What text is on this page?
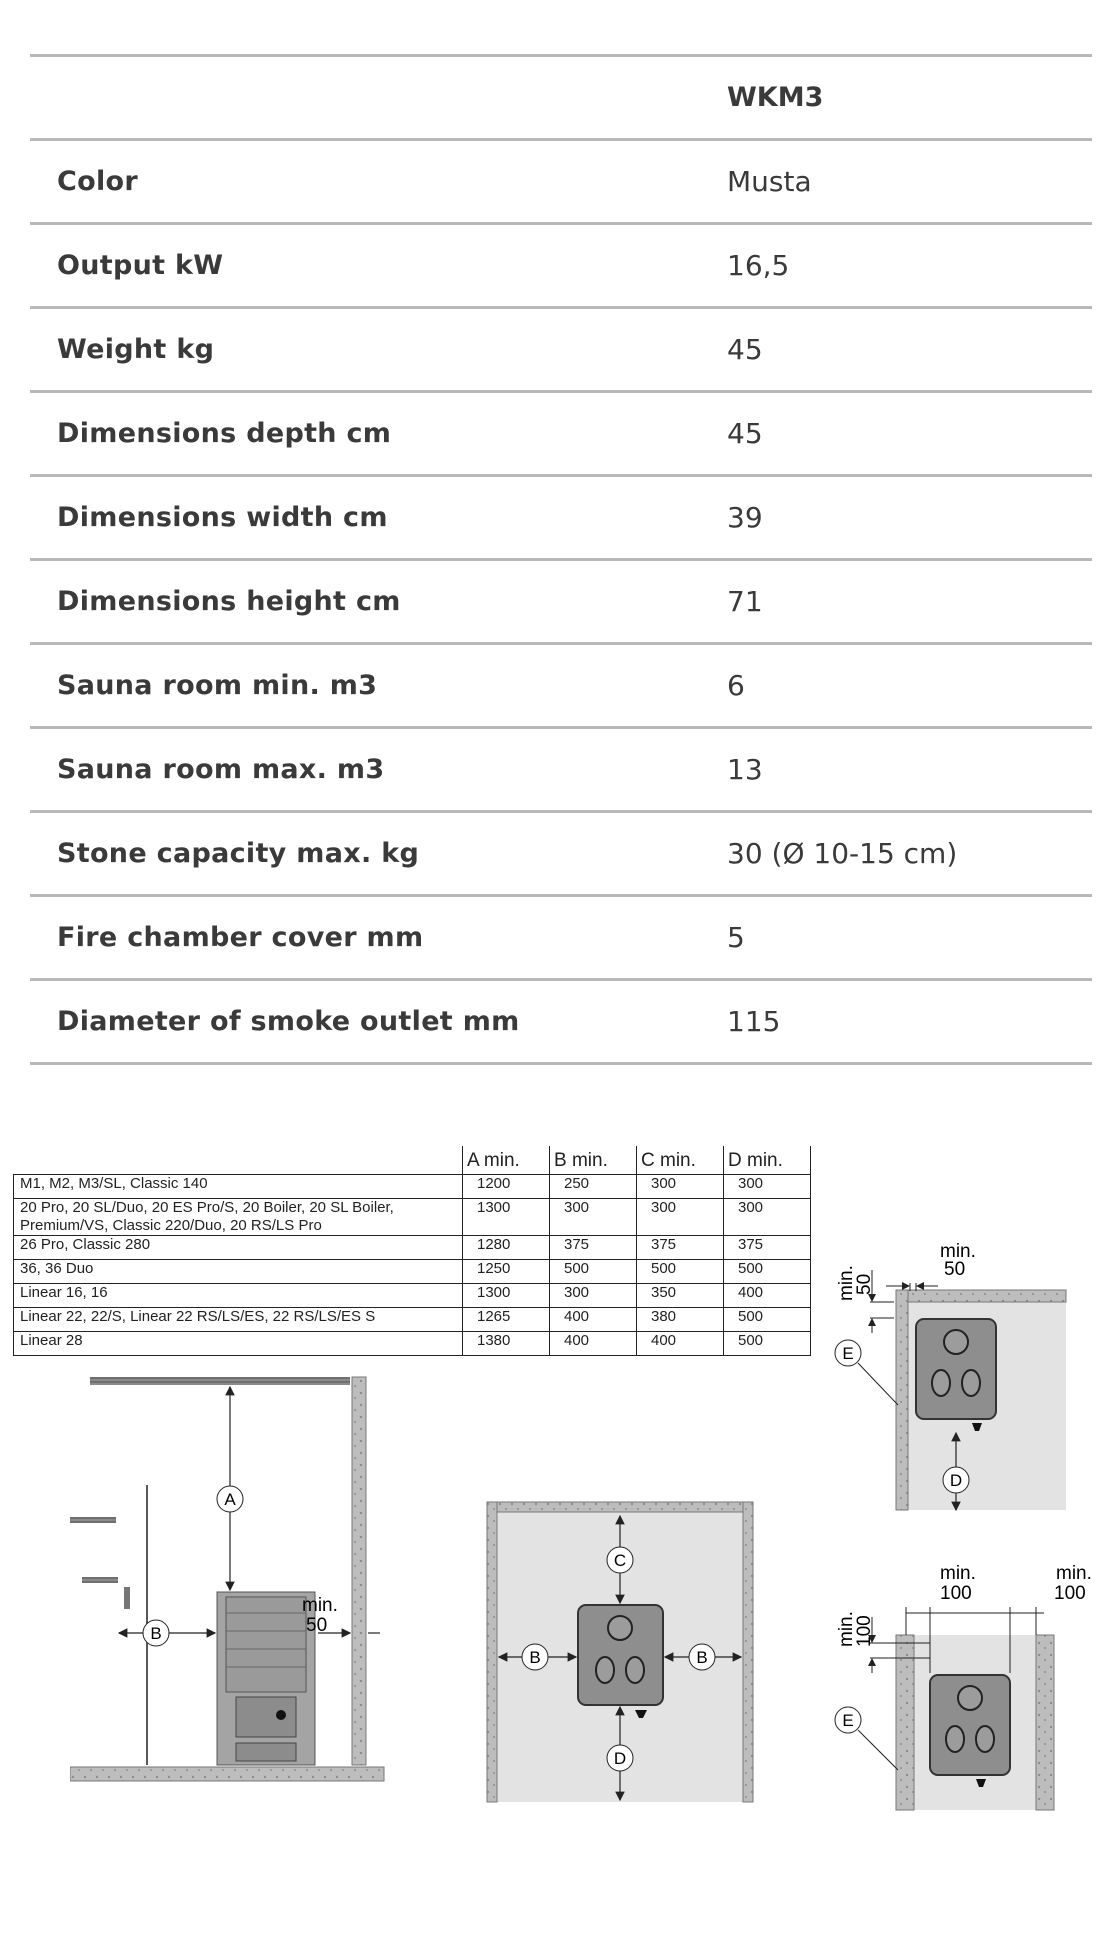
WKM3
Color	Musta
Output kW	16,5
Weight kg	45
Dimensions depth cm	45
Dimensions width cm	39
Dimensions height cm	71
Sauna room min. m3	6
Sauna room max. m3	13
Stone capacity max. kg	30 (Ø 10-15 cm)
Fire chamber cover mm	5
Diameter of smoke outlet mm	115
	A min.	B min.	C min.	D min.
M1, M2, M3/SL, Classic 140	1200	250	300	300
20 Pro, 20 SL/Duo, 20 ES Pro/S, 20 Boiler, 20 SL Boiler, Premium/VS, Classic 220/Duo, 20 RS/LS Pro	1300	300	300	300
26 Pro, Classic 280	1280	375	375	375
36, 36 Duo	1250	500	500	500
Linear 16, 16	1300	300	350	400
Linear 22, 22/S, Linear 22 RS/LS/ES, 22 RS/LS/ES S	1265	400	380	500
Linear 28	1380	400	400	500
A
B
min.
50
C
D
B	B
min.
50
min.
50
E
D
min.
100
min.
100
min.
100
E
